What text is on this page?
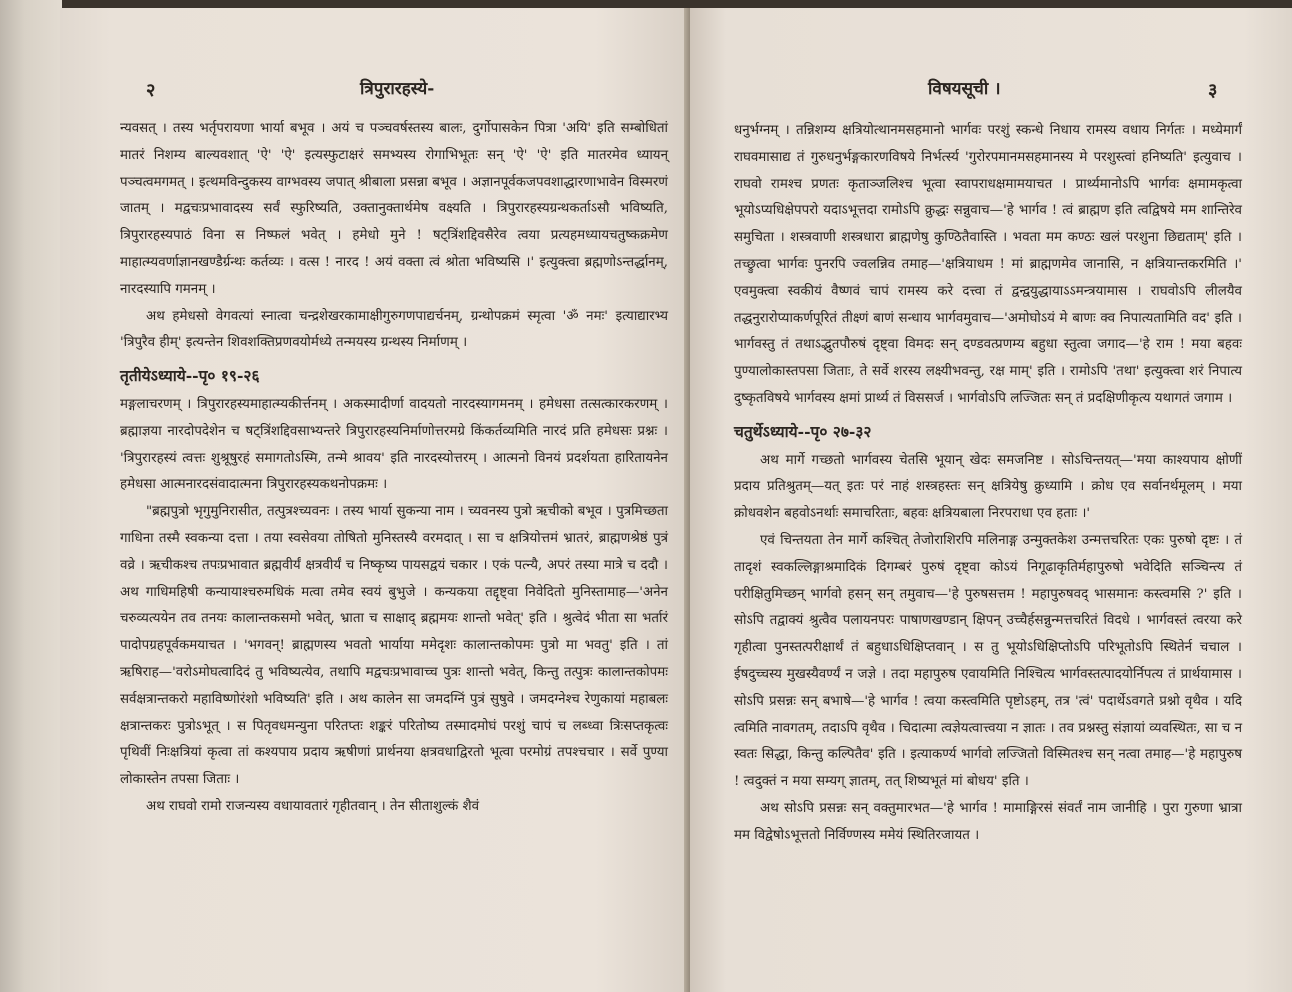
२	त्रिपुरारहस्ये-

न्यवसत् । तस्य भर्तृपरायणा भार्या बभूव । अयं च पञ्चवर्षस्तस्य बालः, दुर्गोपासकेन पित्रा 'अयि' इति सम्बोधितां मातरं निशम्य बाल्यवशात् 'ऐ' 'ऐ' इत्यस्फुटाक्षरं समभ्यस्य रोगाभिभूतः सन् 'ऐ' 'ऐ' इति मातरमेव ध्यायन् पञ्चत्वमगमत् । इत्थमविन्दुकस्य वाग्भवस्य जपात् श्रीबाला प्रसन्ना बभूव । अज्ञानपूर्वकजपवशाद्धारणाभावेन विस्मरणं जातम् । मद्वचःप्रभावादस्य सर्वं स्फुरिष्यति, उक्तानुक्तार्थमेष वक्ष्यति । त्रिपुरारहस्यग्रन्थकर्ताऽसौ भविष्यति, त्रिपुरारहस्यपाठं विना स निष्फलं भवेत् । हमेधो मुने ! षट्त्रिंशद्दिवसैरेव त्वया प्रत्यहमध्यायचतुष्कक्रमेण माहात्म्यवर्णाज्ञानखण्डैर्ग्रन्थः कर्तव्यः । वत्स ! नारद ! अयं वक्ता त्वं श्रोता भविष्यसि ।' इत्युक्त्वा ब्रह्मणोऽन्तर्द्धानम्, नारदस्यापि गमनम् ।

अथ हमेधसो वेगवत्यां स्नात्वा चन्द्रशेखरकामाक्षीगुरुगणपाद्यर्चनम्, ग्रन्थोपक्रमं स्मृत्वा 'ॐ नमः' इत्याद्यारभ्य 'त्रिपुरैव हीम्' इत्यन्तेन शिवशक्तिप्रणवयोर्मध्ये तन्मयस्य ग्रन्थस्य निर्माणम् ।

तृतीयेऽध्याये--पृ० १९-२६

मङ्गलाचरणम् । त्रिपुरारहस्यमाहात्म्यकीर्त्तनम् । अकस्मादीर्णा वादयतो नारदस्यागमनम् । हमेधसा तत्सत्कारकरणम् । ब्रह्माज्ञया नारदोपदेशेन च षट्त्रिंशद्दिवसाभ्यन्तरे त्रिपुरारहस्यनिर्माणोत्तरमग्रे किंकर्तव्यमिति नारदं प्रति हमेधसः प्रश्नः । 'त्रिपुरारहस्यं त्वत्तः शुश्रूषुरहं समागतोऽस्मि, तन्मे श्रावय' इति नारदस्योत्तरम् । आत्मनो विनयं प्रदर्शयता हारितायनेन हमेधसा आत्मनारदसंवादात्मना त्रिपुरारहस्यकथनोपक्रमः ।

"ब्रह्मपुत्रो भृगुमुनिरासीत, तत्पुत्रश्च्यवनः । तस्य भार्या सुकन्या नाम । च्यवनस्य पुत्रो ऋचीको बभूव । पुत्रमिच्छता गाधिना तस्मै स्वकन्या दत्ता । तया स्वसेवया तोषितो मुनिस्तस्यै वरमदात् । सा च क्षत्रियोत्तमं भ्रातरं, ब्राह्मणश्रेष्ठं पुत्रं वव्रे । ऋचीकश्च तपःप्रभावात ब्रह्मवीर्यं क्षत्रवीर्यं च निष्कृष्य पायसद्वयं चकार । एकं पत्न्यै, अपरं तस्या मात्रे च ददौ । अथ गाधिमहिषी कन्यायाश्चरुमधिकं मत्वा तमेव स्वयं बुभुजे । कन्यकया तद्दृष्ट्वा निवेदितो मुनिस्तामाह—'अनेन चरुव्यत्ययेन तव तनयः कालान्तकसमो भवेत्, भ्राता च साक्षाद् ब्रह्ममयः शान्तो भवेत्' इति । श्रुत्वेदं भीता सा भर्तारं पादोपग्रहपूर्वकमयाचत । 'भगवन्! ब्राह्मणस्य भवतो भार्याया ममेदृशः कालान्तकोपमः पुत्रो मा भवतु' इति । तां ऋषिराह—'वरोऽमोघत्वादिदं तु भविष्यत्येव, तथापि मद्वचःप्रभावाच्च पुत्रः शान्तो भवेत्, किन्तु तत्पुत्रः कालान्तकोपमः सर्वक्षत्रान्तकरो महाविष्णोरंशो भविष्यति' इति । अथ कालेन सा जमदग्निं पुत्रं सुषुवे । जमदग्नेश्च रेणुकायां महाबलः क्षत्रान्तकरः पुत्रोऽभूत् । स पितृवधमन्युना परितप्तः शङ्करं परितोष्य तस्मादमोघं परशुं चापं च लब्ध्वा त्रिःसप्तकृत्वः पृथिवीं निःक्षत्रियां कृत्वा तां कश्यपाय प्रदाय ऋषीणां प्रार्थनया क्षत्रवधाद्विरतो भूत्वा परमोग्रं तपश्चचार । सर्वे पुण्या लोकास्तेन तपसा जिताः ।

अथ राघवो रामो राजन्यस्य वधायावतारं गृहीतवान् । तेन सीताशुल्कं शैवं

विषयसूची ।	३

धनुर्भग्नम् । तन्निशम्य क्षत्रियोत्थानमसहमानो भार्गवः परशुं स्कन्धे निधाय रामस्य वधाय निर्गतः । मध्येमार्गं राघवमासाद्य तं गुरुधनुर्भङ्गकारणविषये निर्भर्त्स्य 'गुरोरपमानमसहमानस्य मे परशुस्त्वां हनिष्यति' इत्युवाच । राघवो रामश्च प्रणतः कृताञ्जलिश्च भूत्वा स्वापराधक्षमामयाचत । प्रार्थ्यमानोऽपि भार्गवः क्षमामकृत्वा भूयोऽप्यधिक्षेपपरो यदाऽभूत्तदा रामोऽपि क्रुद्धः सन्नुवाच—'हे भार्गव ! त्वं ब्राह्मण इति त्वद्विषये मम शान्तिरेव समुचिता । शस्त्रवाणी शस्त्रधारा ब्राह्मणेषु कुण्ठितैवास्ति । भवता मम कण्ठः खलं परशुना छिद्यताम्' इति । तच्छ्रुत्वा भार्गवः पुनरपि ज्वलन्निव तमाह—'क्षत्रियाधम ! मां ब्राह्मणमेव जानासि, न क्षत्रियान्तकरमिति ।' एवमुक्त्वा स्वकीयं वैष्णवं चापं रामस्य करे दत्त्वा तं द्वन्द्वयुद्धायाऽऽमन्त्रयामास । राघवोऽपि लीलयैव तद्धनुरारोप्याकर्णपूरितं तीक्ष्णं बाणं सन्धाय भार्गवमुवाच—'अमोघोऽयं मे बाणः क्व निपात्यतामिति वद' इति । भार्गवस्तु तं तथाऽद्भुतपौरुषं दृष्ट्वा विमदः सन् दण्डवत्प्रणम्य बहुधा स्तुत्वा जगाद—'हे राम ! मया बहवः पुण्यालोकास्तपसा जिताः, ते सर्वे शरस्य लक्ष्यीभवन्तु, रक्ष माम्' इति । रामोऽपि 'तथा' इत्युक्त्वा शरं निपात्य दुष्कृतविषये भार्गवस्य क्षमां प्रार्थ्य तं विससर्ज । भार्गवोऽपि लज्जितः सन् तं प्रदक्षिणीकृत्य यथागतं जगाम ।

चतुर्थेऽध्याये--पृ० २७-३२

अथ मार्गे गच्छतो भार्गवस्य चेतसि भूयान् खेदः समजनिष्ट । सोऽचिन्तयत्—'मया काश्यपाय क्षोणीं प्रदाय प्रतिश्रुतम्—यत् इतः परं नाहं शस्त्रहस्तः सन् क्षत्रियेषु क्रुध्यामि । क्रोध एव सर्वानर्थमूलम् । मया क्रोधवशेन बहवोऽनर्थाः समाचरिताः, बहवः क्षत्रियबाला निरपराधा एव हताः ।'

एवं चिन्तयता तेन मार्गे कश्चित् तेजोराशिरपि मलिनाङ्ग उन्मुक्तकेश उन्मत्तचरितः एकः पुरुषो दृष्टः । तं तादृशं स्वकल्लिङ्गाश्रमादिकं दिगम्बरं पुरुषं दृष्ट्वा कोऽयं निगूढाकृतिर्महापुरुषो भवेदिति सञ्चिन्त्य तं परीक्षितुमिच्छन् भार्गवो हसन् सन् तमुवाच—'हे पुरुषसत्तम ! महापुरुषवद् भासमानः कस्त्वमसि ?' इति । सोऽपि तद्वाक्यं श्रुत्वैव पलायनपरः पाषाणखण्डान् क्षिपन् उच्चैर्हसन्नुन्मत्तचरितं विदधे । भार्गवस्तं त्वरया करे गृहीत्वा पुनस्तत्परीक्षार्थं तं बहुधाऽधिक्षिप्तवान् । स तु भूयोऽधिक्षिप्तोऽपि परिभूतोऽपि स्थितेर्न चचाल । ईषदुच्चस्य मुखस्यैवर्ण्यं न जज्ञे । तदा महापुरुष एवायमिति निश्चित्य भार्गवस्तत्पादयोर्निपत्य तं प्रार्थयामास । सोऽपि प्रसन्नः सन् बभाषे—'हे भार्गव ! त्वया कस्त्वमिति पृष्टोऽहम्, तत्र 'त्वं' पदार्थेऽवगते प्रश्नो वृथैव । यदि त्वमिति नावगतम्, तदाऽपि वृथैव । चिदात्मा त्वज्ञेयत्वात्त्वया न ज्ञातः । तव प्रश्नस्तु संज्ञायां व्यवस्थितः, सा च न स्वतः सिद्धा, किन्तु कल्पितैव' इति । इत्याकर्ण्य भार्गवो लज्जितो विस्मितश्च सन् नत्वा तमाह—'हे महापुरुष ! त्वदुक्तं न मया सम्यग् ज्ञातम्, तत् शिष्यभूतं मां बोधय' इति ।

अथ सोऽपि प्रसन्नः सन् वक्तुमारभत—'हे भार्गव ! मामाङ्गिरसं संवर्तं नाम जानीहि । पुरा गुरुणा भ्रात्रा मम विद्वेषोऽभूत्ततो निर्विण्णस्य ममेयं स्थितिरजायत ।
